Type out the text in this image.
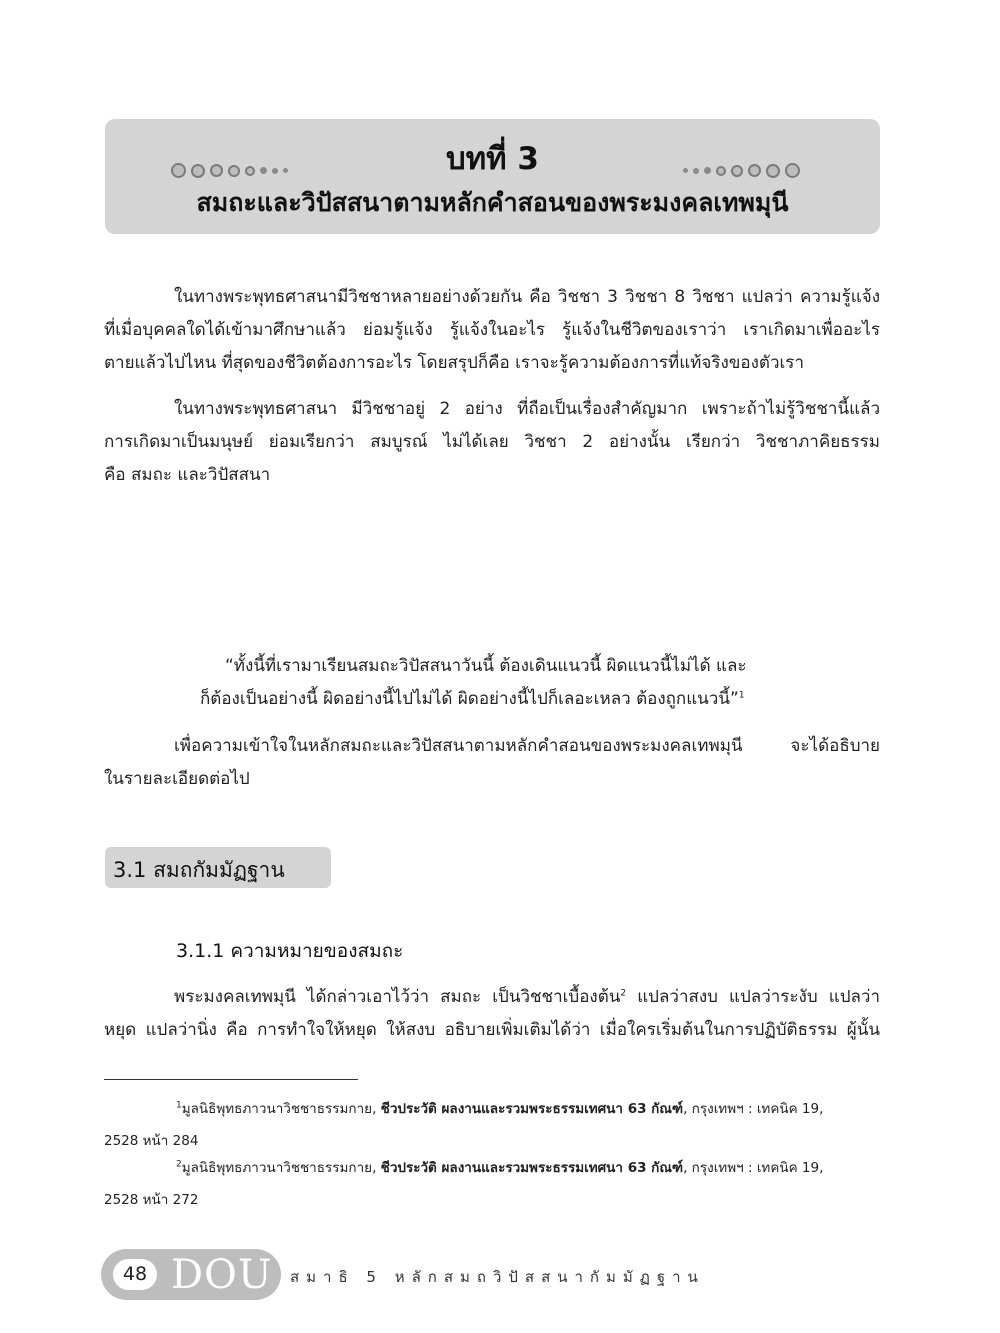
บทที่ 3
สมถะและวิปัสสนาตามหลักคำสอนของพระมงคลเทพมุนี
ในทางพระพุทธศาสนามีวิชชาหลายอย่างด้วยกัน คือ วิชชา 3 วิชชา 8 วิชชา แปลว่า ความรู้แจ้ง
ที่เมื่อบุคคลใดได้เข้ามาศึกษาแล้ว ย่อมรู้แจ้ง รู้แจ้งในอะไร รู้แจ้งในชีวิตของเราว่า เราเกิดมาเพื่ออะไร
ตายแล้วไปไหน ที่สุดของชีวิตต้องการอะไร โดยสรุปก็คือ เราจะรู้ความต้องการที่แท้จริงของตัวเรา
ในทางพระพุทธศาสนา มีวิชชาอยู่ 2 อย่าง ที่ถือเป็นเรื่องสำคัญมาก เพราะถ้าไม่รู้วิชชานี้แล้ว
การเกิดมาเป็นมนุษย์ ย่อมเรียกว่า สมบูรณ์ ไม่ได้เลย วิชชา 2 อย่างนั้น เรียกว่า วิชชาภาคิยธรรม
คือ สมถะ และวิปัสสนา
“ทั้งนี้ที่เรามาเรียนสมถะวิปัสสนาวันนี้ ต้องเดินแนวนี้ ผิดแนวนี้ไม่ได้ และ
ก็ต้องเป็นอย่างนี้ ผิดอย่างนี้ไปไม่ได้ ผิดอย่างนี้ไปก็เลอะเหลว ต้องถูกแนวนี้”$^1$
เพื่อความเข้าใจในหลักสมถะและวิปัสสนาตามหลักคำสอนของพระมงคลเทพมุนี จะได้อธิบาย
ในรายละเอียดต่อไป
3.1 สมถกัมมัฏฐาน
3.1.1 ความหมายของสมถะ
พระมงคลเทพมุนี ได้กล่าวเอาไว้ว่า สมถะ เป็นวิชชาเบื้องต้น$^2$ แปลว่าสงบ แปลว่าระงับ แปลว่า
หยุด แปลว่านิ่ง คือ การทำใจให้หยุด ให้สงบ อธิบายเพิ่มเติมได้ว่า เมื่อใครเริ่มต้นในการปฏิบัติธรรม ผู้นั้น
$^1$มูลนิธิพุทธภาวนาวิชชาธรรมกาย, ชีวประวัติ ผลงานและรวมพระธรรมเทศนา 63 กัณฑ์, กรุงเทพฯ : เทคนิค 19,
2528 หน้า 284
$^2$มูลนิธิพุทธภาวนาวิชชาธรรมกาย, ชีวประวัติ ผลงานและรวมพระธรรมเทศนา 63 กัณฑ์, กรุงเทพฯ : เทคนิค 19,
2528 หน้า 272
48 DOU สมาธิ 5 หลักสมถวิปัสสนากัมมัฏฐาน
